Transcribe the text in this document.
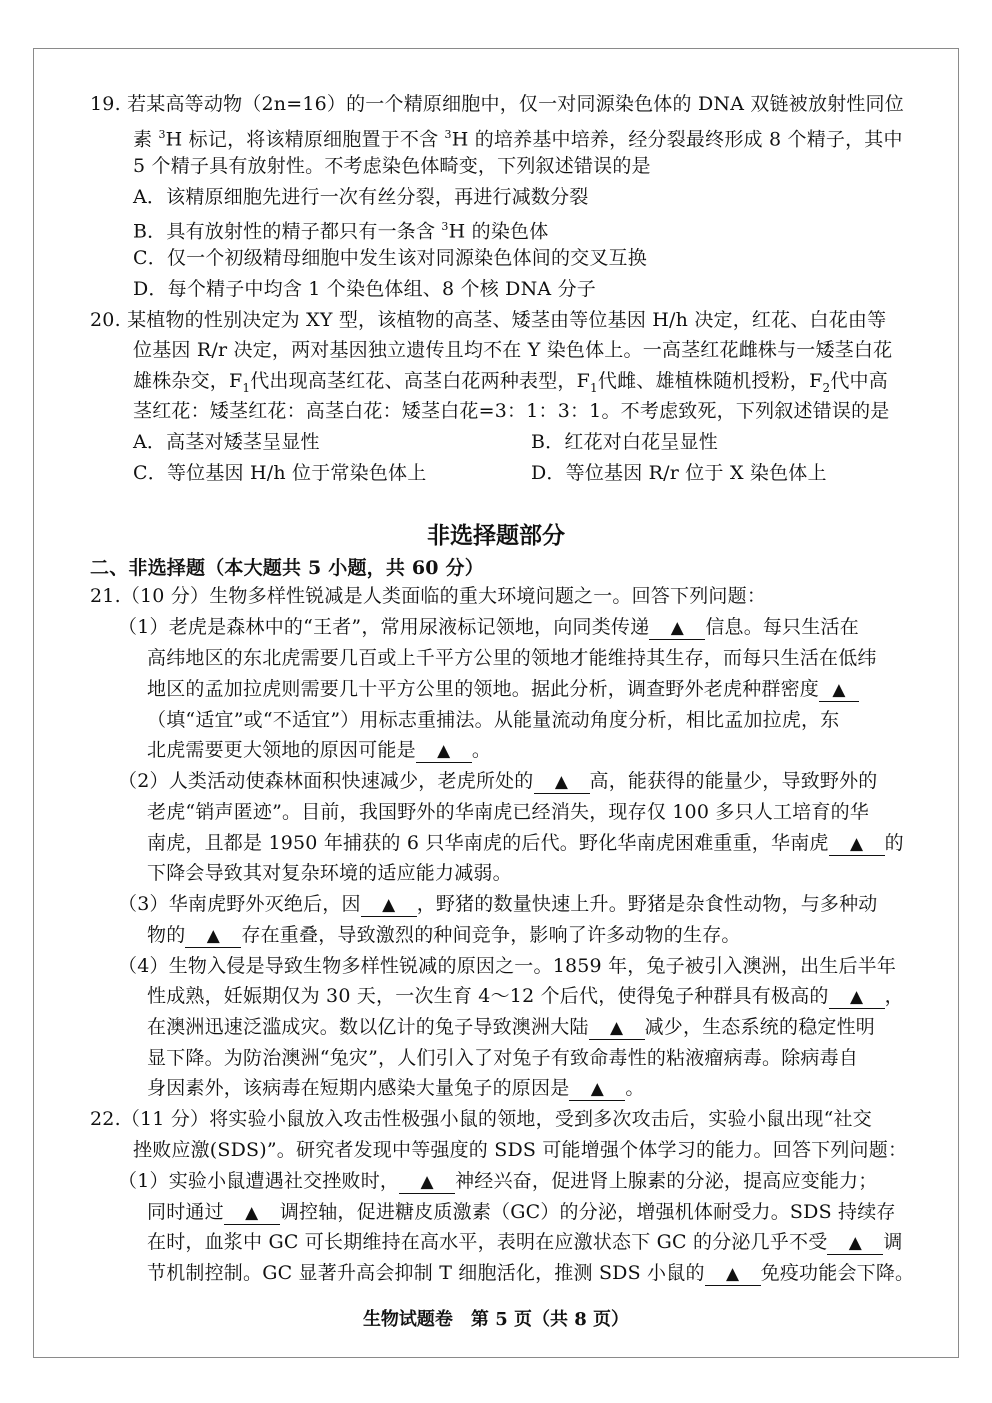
19. 若某高等动物（2n=16）的一个精原细胞中，仅一对同源染色体的 DNA 双链被放射性同位
素 $^3$H 标记，将该精原细胞置于不含 $^3$H 的培养基中培养，经分裂最终形成 8 个精子，其中
5 个精子具有放射性。不考虑染色体畸变，下列叙述错误的是
A．该精原细胞先进行一次有丝分裂，再进行减数分裂
B．具有放射性的精子都只有一条含 $^3$H 的染色体
C．仅一个初级精母细胞中发生该对同源染色体间的交叉互换
D．每个精子中均含 1 个染色体组、8 个核 DNA 分子
20. 某植物的性别决定为 XY 型，该植物的高茎、矮茎由等位基因 H/h 决定，红花、白花由等
位基因 R/r 决定，两对基因独立遗传且均不在 Y 染色体上。一高茎红花雌株与一矮茎白花
雄株杂交，$F_1$代出现高茎红花、高茎白花两种表型，$F_1$代雌、雄植株随机授粉，$F_2$代中高
茎红花：矮茎红花：高茎白花：矮茎白花=3：1：3：1。不考虑致死，下列叙述错误的是
A．高茎对矮茎呈显性	B．红花对白花呈显性
C．等位基因 H/h 位于常染色体上	D．等位基因 R/r 位于 X 染色体上
非选择题部分
二、非选择题（本大题共 5 小题，共 60 分）
21.（10 分）生物多样性锐减是人类面临的重大环境问题之一。回答下列问题：
（1）老虎是森林中的“王者”，常用尿液标记领地，向同类传递 ▲ 信息。每只生活在
高纬地区的东北虎需要几百或上千平方公里的领地才能维持其生存，而每只生活在低纬
地区的孟加拉虎则需要几十平方公里的领地。据此分析，调查野外老虎种群密度 ▲
（填“适宜”或“不适宜”）用标志重捕法。从能量流动角度分析，相比孟加拉虎，东
北虎需要更大领地的原因可能是 ▲ 。
（2）人类活动使森林面积快速减少，老虎所处的 ▲ 高，能获得的能量少，导致野外的
老虎“销声匿迹”。目前，我国野外的华南虎已经消失，现存仅 100 多只人工培育的华
南虎，且都是 1950 年捕获的 6 只华南虎的后代。野化华南虎困难重重，华南虎 ▲ 的
下降会导致其对复杂环境的适应能力减弱。
（3）华南虎野外灭绝后，因 ▲ ，野猪的数量快速上升。野猪是杂食性动物，与多种动
物的 ▲ 存在重叠，导致激烈的种间竞争，影响了许多动物的生存。
（4）生物入侵是导致生物多样性锐减的原因之一。1859 年，兔子被引入澳洲，出生后半年
性成熟，妊娠期仅为 30 天，一次生育 4～12 个后代，使得兔子种群具有极高的 ▲ ，
在澳洲迅速泛滥成灾。数以亿计的兔子导致澳洲大陆 ▲ 减少，生态系统的稳定性明
显下降。为防治澳洲“兔灾”，人们引入了对兔子有致命毒性的粘液瘤病毒。除病毒自
身因素外，该病毒在短期内感染大量兔子的原因是 ▲ 。
22.（11 分）将实验小鼠放入攻击性极强小鼠的领地，受到多次攻击后，实验小鼠出现“社交
挫败应激(SDS)”。研究者发现中等强度的 SDS 可能增强个体学习的能力。回答下列问题：
（1）实验小鼠遭遇社交挫败时， ▲ 神经兴奋，促进肾上腺素的分泌，提高应变能力；
同时通过 ▲ 调控轴，促进糖皮质激素（GC）的分泌，增强机体耐受力。SDS 持续存
在时，血浆中 GC 可长期维持在高水平，表明在应激状态下 GC 的分泌几乎不受 ▲ 调
节机制控制。GC 显著升高会抑制 T 细胞活化，推测 SDS 小鼠的 ▲ 免疫功能会下降。
生物试题卷　第 5 页（共 8 页）
